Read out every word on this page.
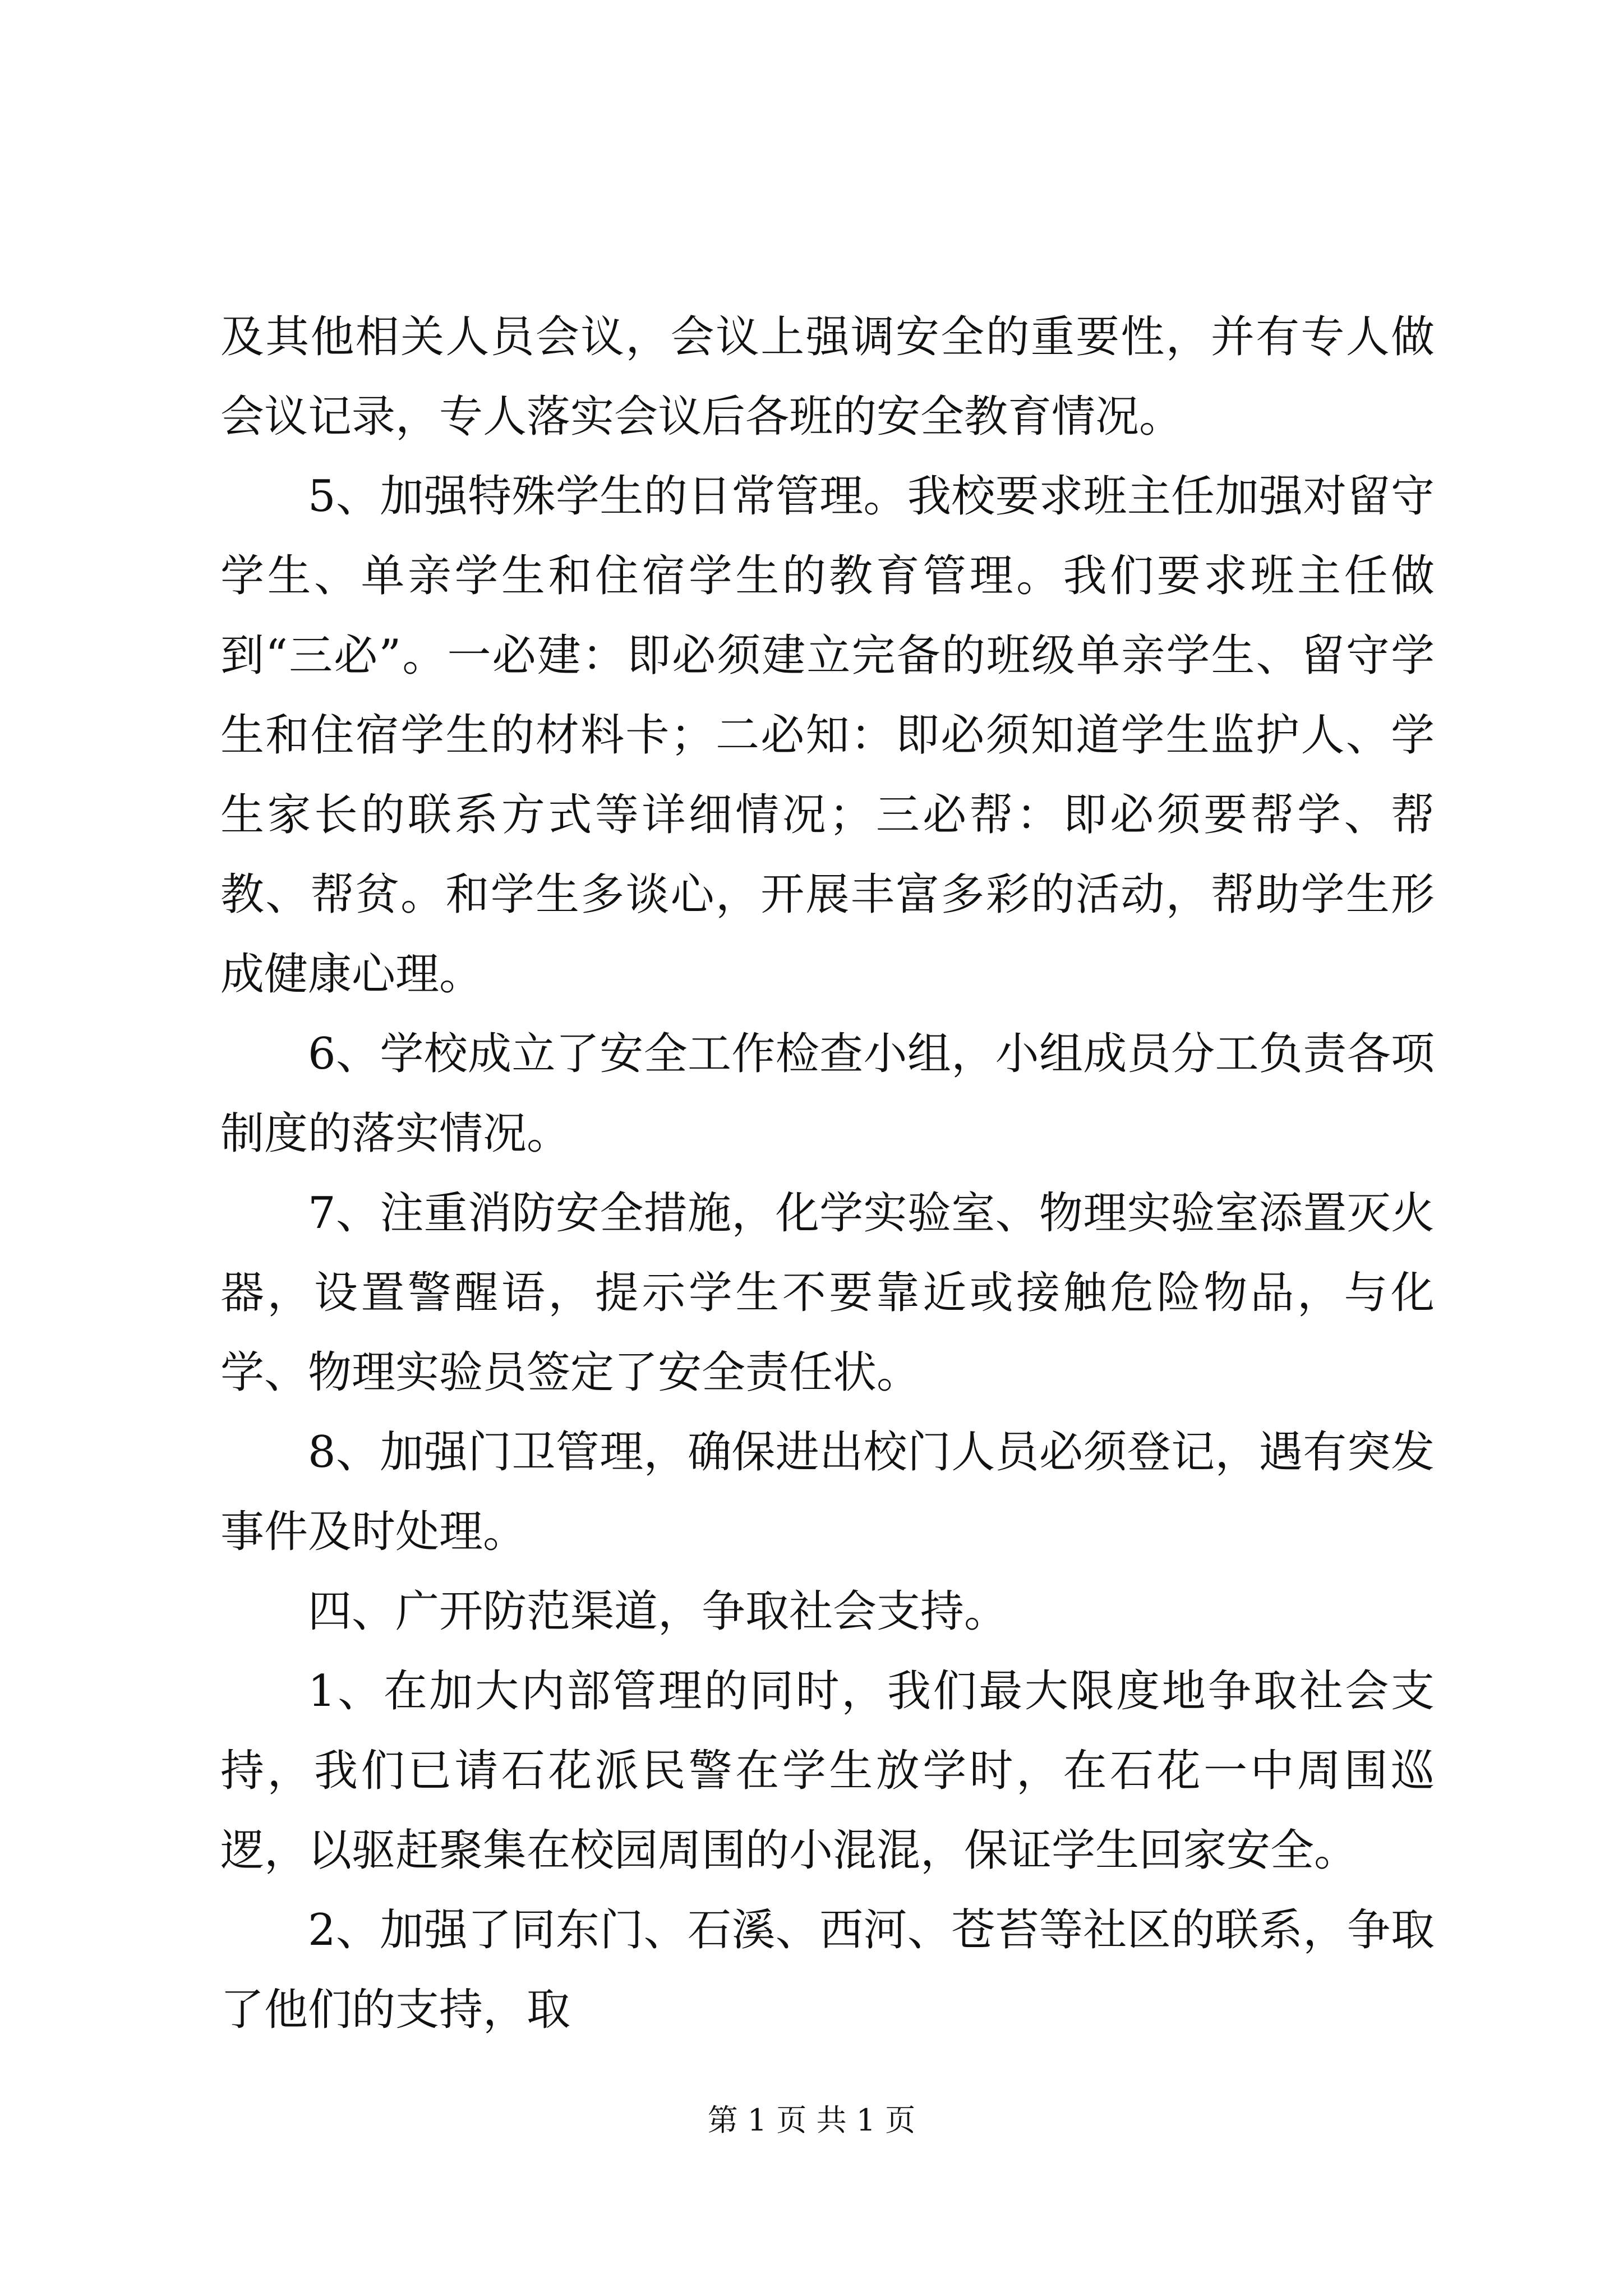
及其他相关人员会议，会议上强调安全的重要性，并有专人做会议记录，专人落实会议后各班的安全教育情况。

5、加强特殊学生的日常管理。我校要求班主任加强对留守学生、单亲学生和住宿学生的教育管理。我们要求班主任做到“三必”。一必建：即必须建立完备的班级单亲学生、留守学生和住宿学生的材料卡；二必知：即必须知道学生监护人、学生家长的联系方式等详细情况；三必帮：即必须要帮学、帮教、帮贫。和学生多谈心，开展丰富多彩的活动，帮助学生形成健康心理。

6、学校成立了安全工作检查小组，小组成员分工负责各项制度的落实情况。

7、注重消防安全措施，化学实验室、物理实验室添置灭火器，设置警醒语，提示学生不要靠近或接触危险物品，与化学、物理实验员签定了安全责任状。

8、加强门卫管理，确保进出校门人员必须登记，遇有突发事件及时处理。

四、广开防范渠道，争取社会支持。

1、在加大内部管理的同时，我们最大限度地争取社会支持，我们已请石花派民警在学生放学时，在石花一中周围巡逻，以驱赶聚集在校园周围的小混混，保证学生回家安全。

2、加强了同东门、石溪、西河、苍苔等社区的联系，争取了他们的支持，取

第 1 页 共 1 页
